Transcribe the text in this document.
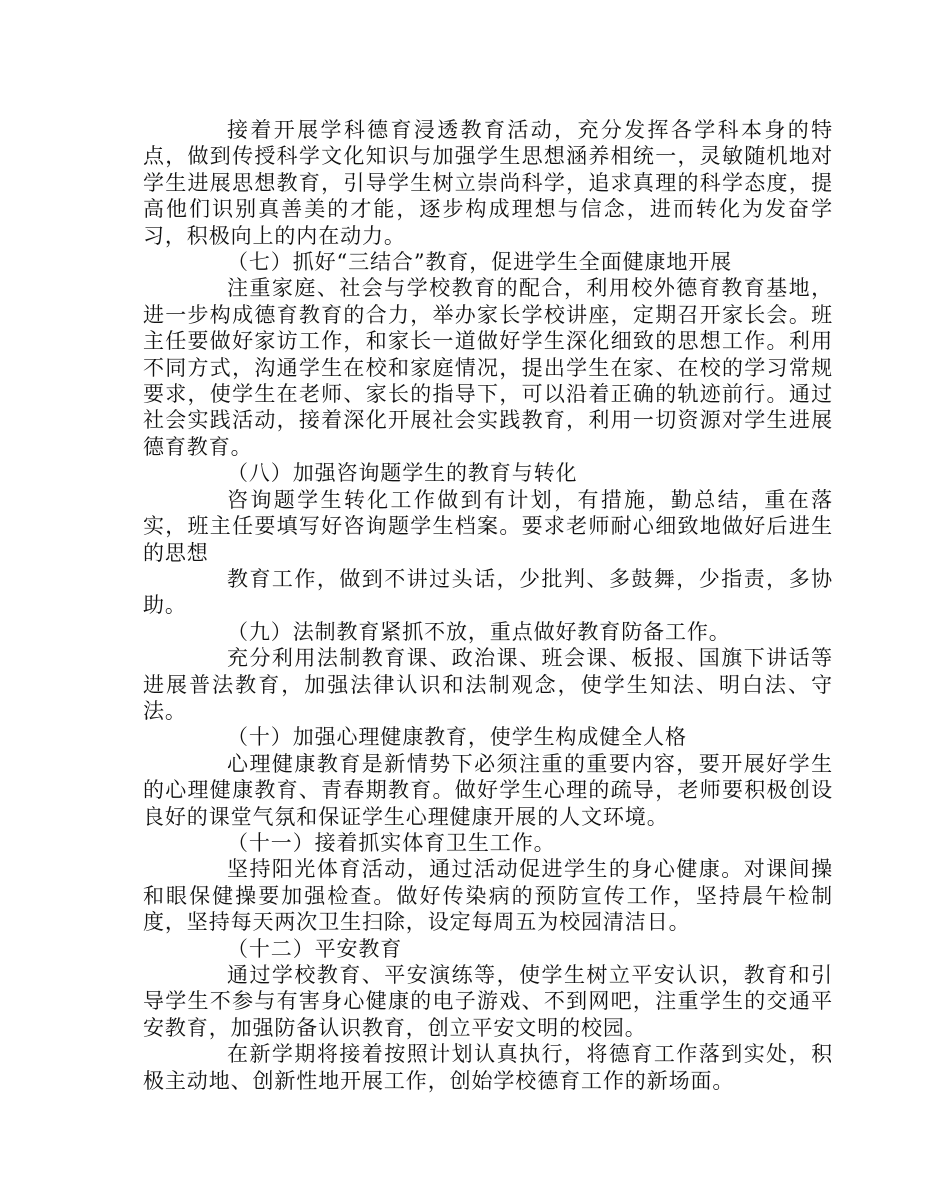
接着开展学科德育浸透教育活动，充分发挥各学科本身的特点，做到传授科学文化知识与加强学生思想涵养相统一，灵敏随机地对学生进展思想教育，引导学生树立崇尚科学，追求真理的科学态度，提高他们识别真善美的才能，逐步构成理想与信念，进而转化为发奋学习，积极向上的内在动力。

（七）抓好“三结合”教育，促进学生全面健康地开展

注重家庭、社会与学校教育的配合，利用校外德育教育基地，进一步构成德育教育的合力，举办家长学校讲座，定期召开家长会。班主任要做好家访工作，和家长一道做好学生深化细致的思想工作。利用不同方式，沟通学生在校和家庭情况，提出学生在家、在校的学习常规要求，使学生在老师、家长的指导下，可以沿着正确的轨迹前行。通过社会实践活动，接着深化开展社会实践教育，利用一切资源对学生进展德育教育。

（八）加强咨询题学生的教育与转化

咨询题学生转化工作做到有计划，有措施，勤总结，重在落实，班主任要填写好咨询题学生档案。要求老师耐心细致地做好后进生的思想

教育工作，做到不讲过头话，少批判、多鼓舞，少指责，多协助。

（九）法制教育紧抓不放，重点做好教育防备工作。

充分利用法制教育课、政治课、班会课、板报、国旗下讲话等进展普法教育，加强法律认识和法制观念，使学生知法、明白法、守法。

（十）加强心理健康教育，使学生构成健全人格

心理健康教育是新情势下必须注重的重要内容，要开展好学生的心理健康教育、青春期教育。做好学生心理的疏导，老师要积极创设良好的课堂气氛和保证学生心理健康开展的人文环境。

（十一）接着抓实体育卫生工作。

坚持阳光体育活动，通过活动促进学生的身心健康。对课间操和眼保健操要加强检查。做好传染病的预防宣传工作，坚持晨午检制度，坚持每天两次卫生扫除，设定每周五为校园清洁日。

（十二）平安教育

通过学校教育、平安演练等，使学生树立平安认识，教育和引导学生不参与有害身心健康的电子游戏、不到网吧，注重学生的交通平安教育，加强防备认识教育，创立平安文明的校园。

在新学期将接着按照计划认真执行，将德育工作落到实处，积极主动地、创新性地开展工作，创始学校德育工作的新场面。
